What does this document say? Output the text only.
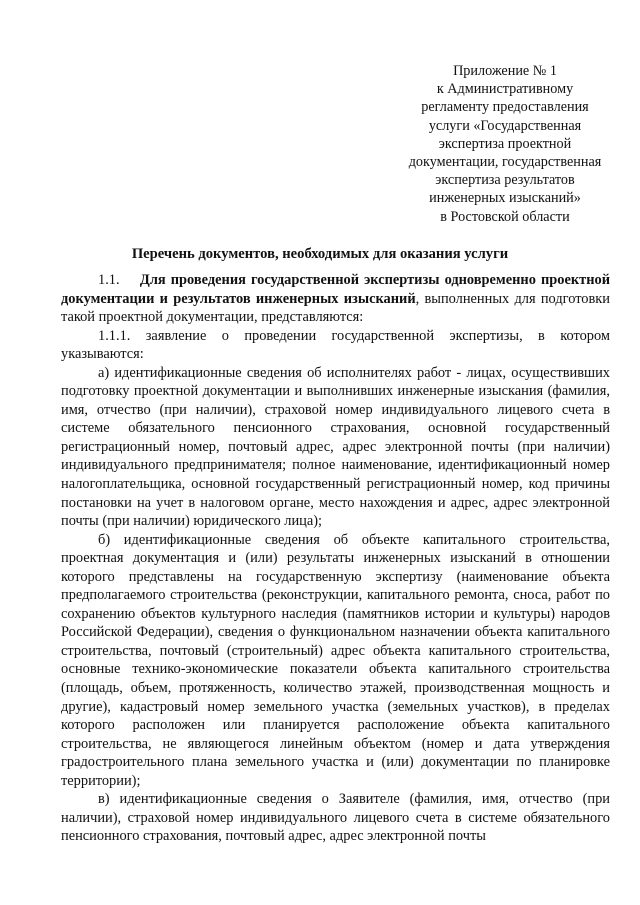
Приложение № 1
к Административному
регламенту предоставления
услуги «Государственная
экспертиза проектной
документации, государственная
экспертиза результатов
инженерных изысканий»
в Ростовской области
Перечень документов, необходимых для оказания услуги

1.1. Для проведения государственной экспертизы одновременно проектной документации и результатов инженерных изысканий, выполненных для подготовки такой проектной документации, представляются:

1.1.1. заявление о проведении государственной экспертизы, в котором указываются:

а) идентификационные сведения об исполнителях работ - лицах, осуществивших подготовку проектной документации и выполнивших инженерные изыскания (фамилия, имя, отчество (при наличии), страховой номер индивидуального лицевого счета в системе обязательного пенсионного страхования, основной государственный регистрационный номер, почтовый адрес, адрес электронной почты (при наличии) индивидуального предпринимателя; полное наименование, идентификационный номер налогоплательщика, основной государственный регистрационный номер, код причины постановки на учет в налоговом органе, место нахождения и адрес, адрес электронной почты (при наличии) юридического лица);

б) идентификационные сведения об объекте капитального строительства, проектная документация и (или) результаты инженерных изысканий в отношении которого представлены на государственную экспертизу (наименование объекта предполагаемого строительства (реконструкции, капитального ремонта, сноса, работ по сохранению объектов культурного наследия (памятников истории и культуры) народов Российской Федерации), сведения о функциональном назначении объекта капитального строительства, почтовый (строительный) адрес объекта капитального строительства, основные технико-экономические показатели объекта капитального строительства (площадь, объем, протяженность, количество этажей, производственная мощность и другие), кадастровый номер земельного участка (земельных участков), в пределах которого расположен или планируется расположение объекта капитального строительства, не являющегося линейным объектом (номер и дата утверждения градостроительного плана земельного участка и (или) документации по планировке территории);

в) идентификационные сведения о Заявителе (фамилия, имя, отчество (при наличии), страховой номер индивидуального лицевого счета в системе обязательного пенсионного страхования, почтовый адрес, адрес электронной почты
